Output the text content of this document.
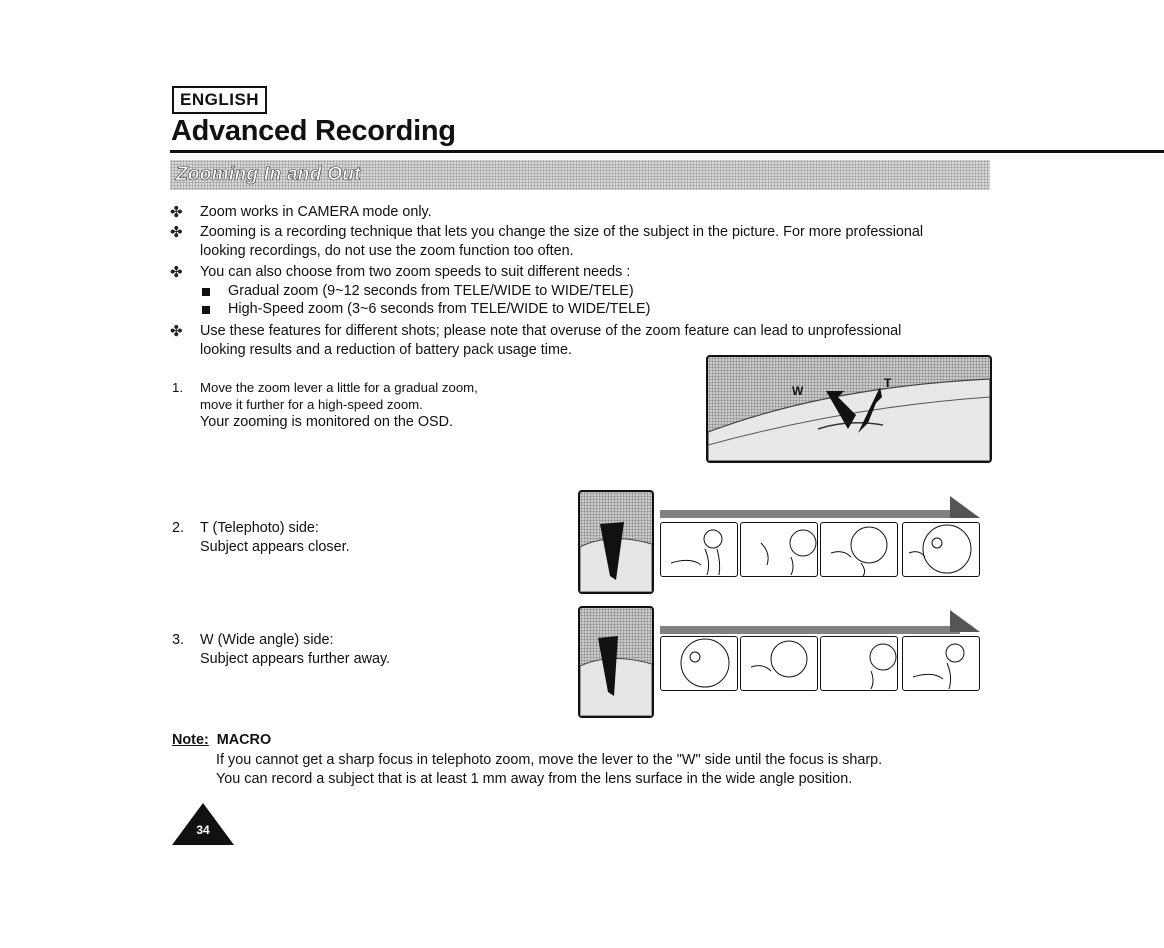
ENGLISH
Advanced Recording
Zooming In and Out
✤ Zoom works in CAMERA mode only.
✤ Zooming is a recording technique that lets you change the size of the subject in the picture. For more professional
looking recordings, do not use the zoom function too often.
✤ You can also choose from two zoom speeds to suit different needs :
Gradual zoom (9~12 seconds from TELE/WIDE to WIDE/TELE)
High-Speed zoom (3~6 seconds from TELE/WIDE to WIDE/TELE)
✤ Use these features for different shots; please note that overuse of the zoom feature can lead to unprofessional
looking results and a reduction of battery pack usage time.
1. Move the zoom lever a little for a gradual zoom,
move it further for a high-speed zoom.
Your zooming is monitored on the OSD.
W
T
2. T (Telephoto) side:
Subject appears closer.
3. W (Wide angle) side:
Subject appears further away.
Note: MACRO
If you cannot get a sharp focus in telephoto zoom, move the lever to the "W" side until the focus is sharp.
You can record a subject that is at least 1 mm away from the lens surface in the wide angle position.
34
